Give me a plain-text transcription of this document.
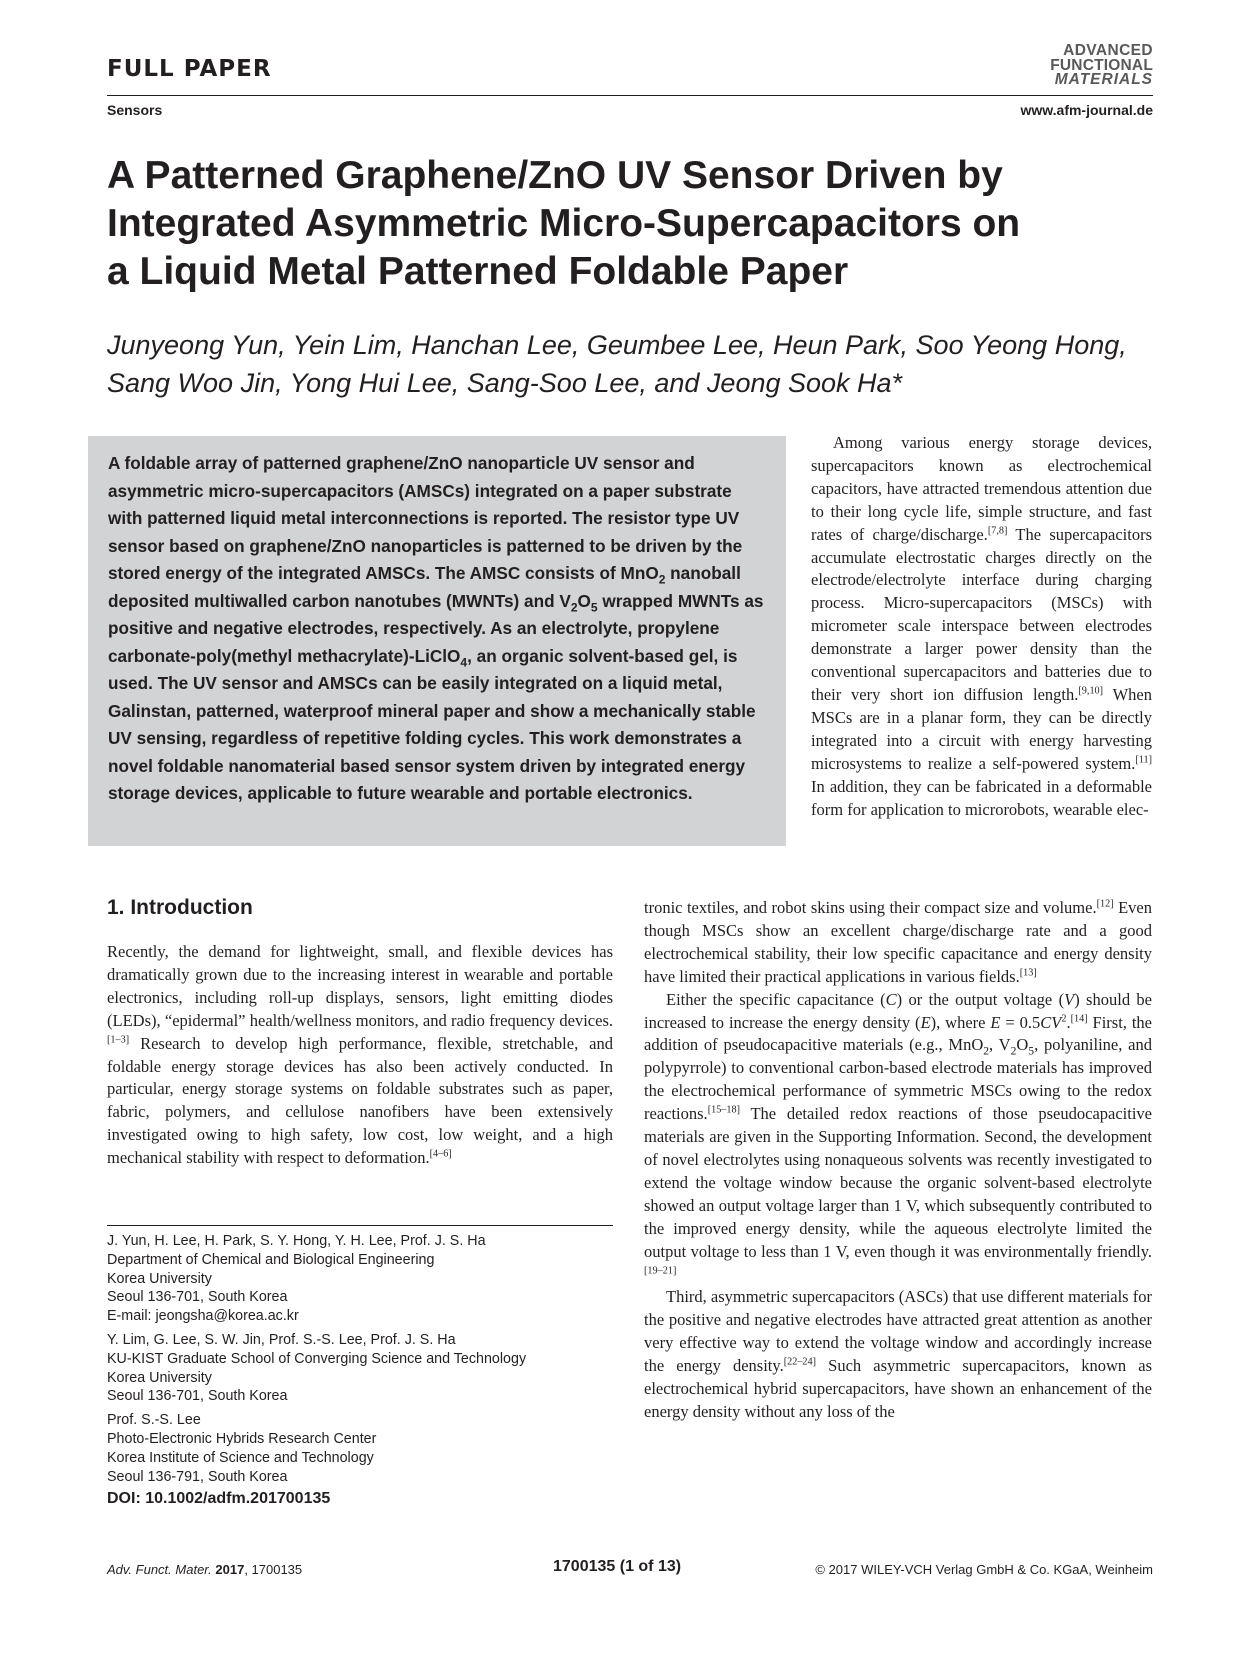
FULL PAPER
ADVANCED
FUNCTIONAL
MATERIALS
Sensors	www.afm-journal.de
A Patterned Graphene/ZnO UV Sensor Driven by
Integrated Asymmetric Micro-Supercapacitors on
a Liquid Metal Patterned Foldable Paper
Junyeong Yun, Yein Lim, Hanchan Lee, Geumbee Lee, Heun Park, Soo Yeong Hong,
Sang Woo Jin, Yong Hui Lee, Sang-Soo Lee, and Jeong Sook Ha*

A foldable array of patterned graphene/ZnO nanoparticle UV sensor and asymmetric micro-supercapacitors (AMSCs) integrated on a paper substrate with patterned liquid metal interconnections is reported. The resistor type UV sensor based on graphene/ZnO nanoparticles is patterned to be driven by the stored energy of the integrated AMSCs. The AMSC consists of MnO$_2$ nanoball deposited multiwalled carbon nanotubes (MWNTs) and $V_2O_5$ wrapped MWNTs as positive and negative electrodes, respectively. As an electrolyte, propylene carbonate-poly(methyl methacrylate)-LiClO$_4$, an organic solvent-based gel, is used. The UV sensor and AMSCs can be easily integrated on a liquid metal, Galinstan, patterned, waterproof mineral paper and show a mechanically stable UV sensing, regardless of repetitive folding cycles. This work demonstrates a novel foldable nanomaterial based sensor system driven by integrated energy storage devices, applicable to future wearable and portable electronics.

Among various energy storage devices, supercapacitors known as electrochemical capacitors, have attracted tremendous attention due to their long cycle life, simple structure, and fast rates of charge/discharge.[7,8] The supercapacitors accumulate electrostatic charges directly on the electrode/electrolyte interface during charging process. Micro-supercapacitors (MSCs) with micrometer scale interspace between electrodes demonstrate a larger power density than the conventional supercapacitors and batteries due to their very short ion diffusion length.[9,10] When MSCs are in a planar form, they can be directly integrated into a circuit with energy harvesting microsystems to realize a self-powered system.[11] In addition, they can be fabricated in a deformable form for application to microrobots, wearable elec-

tronic textiles, and robot skins using their compact size and volume.[12] Even though MSCs show an excellent charge/discharge rate and a good electrochemical stability, their low specific capacitance and energy density have limited their practical applications in various fields.[13]

Either the specific capacitance (C) or the output voltage (V) should be increased to increase the energy density (E), where $E = 0.5CV^2.[14]$ First, the addition of pseudocapacitive materials (e.g., MnO$_2$, $V_2O_5$, polyaniline, and polypyrrole) to conventional carbon-based electrode materials has improved the electrochemical performance of symmetric MSCs owing to the redox reactions.[15–18] The detailed redox reactions of those pseudocapacitive materials are given in the Supporting Information. Second, the development of novel electrolytes using nonaqueous solvents was recently investigated to extend the voltage window because the organic solvent-based electrolyte showed an output voltage larger than 1 V, which subsequently contributed to the improved energy density, while the aqueous electrolyte limited the output voltage to less than 1 V, even though it was environmentally friendly.[19–21]

Third, asymmetric supercapacitors (ASCs) that use different materials for the positive and negative electrodes have attracted great attention as another very effective way to extend the voltage window and accordingly increase the energy density.[22–24] Such asymmetric supercapacitors, known as electrochemical hybrid supercapacitors, have shown an enhancement of the energy density without any loss of the

1. Introduction

Recently, the demand for lightweight, small, and flexible devices has dramatically grown due to the increasing interest in wearable and portable electronics, including roll-up displays, sensors, light emitting diodes (LEDs), “epidermal” health/wellness monitors, and radio frequency devices.[1–3] Research to develop high performance, flexible, stretchable, and foldable energy storage devices has also been actively conducted. In particular, energy storage systems on foldable substrates such as paper, fabric, polymers, and cellulose nanofibers have been extensively investigated owing to high safety, low cost, low weight, and a high mechanical stability with respect to deformation.[4–6]

J. Yun, H. Lee, H. Park, S. Y. Hong, Y. H. Lee, Prof. J. S. Ha
Department of Chemical and Biological Engineering
Korea University
Seoul 136-701, South Korea
E-mail: jeongsha@korea.ac.kr
Y. Lim, G. Lee, S. W. Jin, Prof. S.-S. Lee, Prof. J. S. Ha
KU-KIST Graduate School of Converging Science and Technology
Korea University
Seoul 136-701, South Korea
Prof. S.-S. Lee
Photo-Electronic Hybrids Research Center
Korea Institute of Science and Technology
Seoul 136-791, South Korea
DOI: 10.1002/adfm.201700135
Adv. Funct. Mater. 2017, 1700135	1700135 (1 of 13)	© 2017 WILEY-VCH Verlag GmbH & Co. KGaA, Weinheim
